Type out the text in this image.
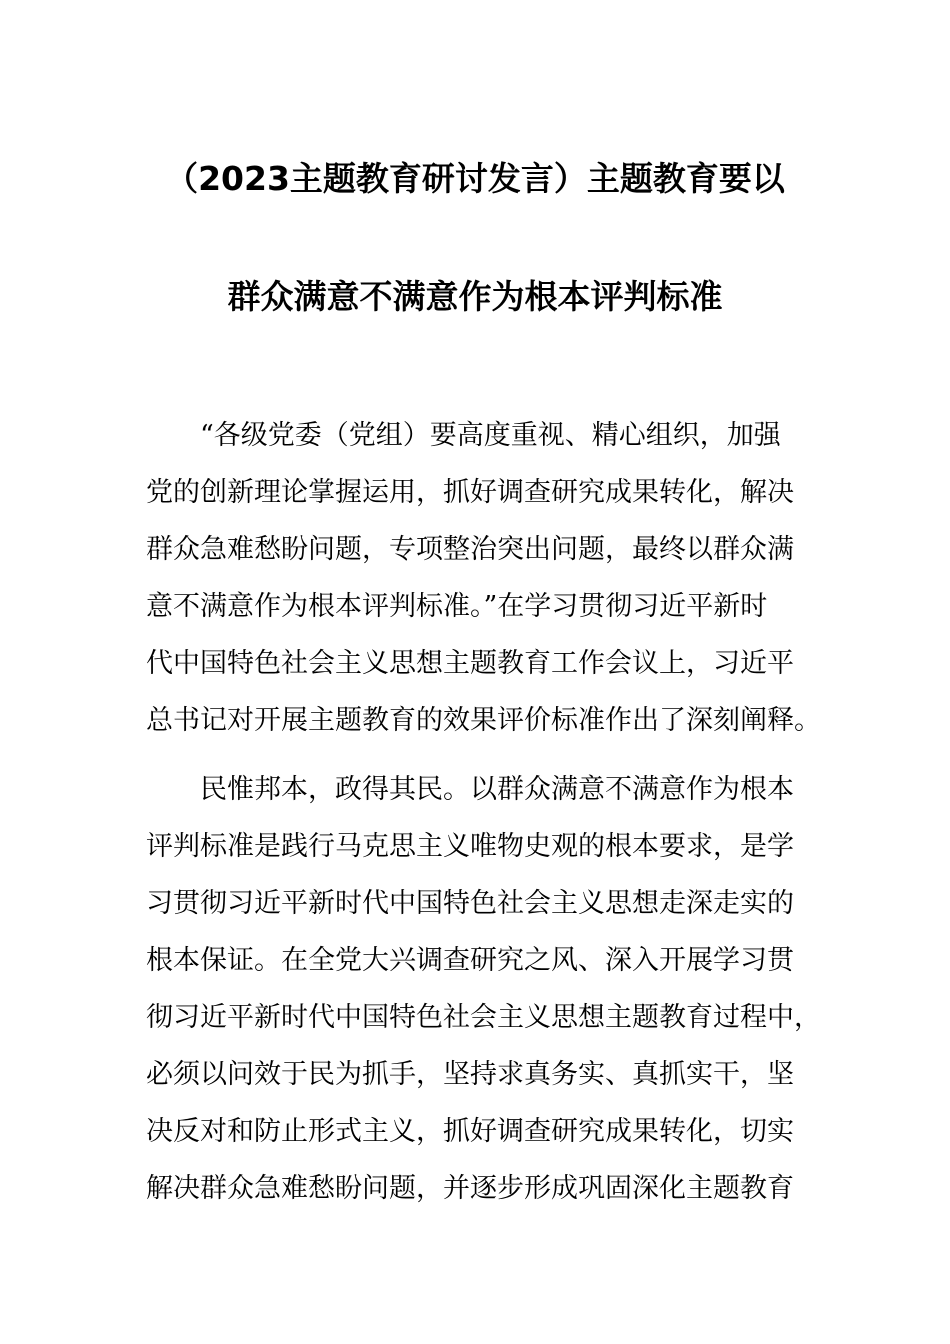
（2023主题教育研讨发言）主题教育要以
群众满意不满意作为根本评判标准
　　“各级党委（党组）要高度重视、精心组织，加强
党的创新理论掌握运用，抓好调查研究成果转化，解决
群众急难愁盼问题，专项整治突出问题，最终以群众满
意不满意作为根本评判标准。”在学习贯彻习近平新时
代中国特色社会主义思想主题教育工作会议上，习近平
总书记对开展主题教育的效果评价标准作出了深刻阐释。
　　民惟邦本，政得其民。以群众满意不满意作为根本
评判标准是践行马克思主义唯物史观的根本要求，是学
习贯彻习近平新时代中国特色社会主义思想走深走实的
根本保证。在全党大兴调查研究之风、深入开展学习贯
彻习近平新时代中国特色社会主义思想主题教育过程中，
必须以问效于民为抓手，坚持求真务实、真抓实干，坚
决反对和防止形式主义，抓好调查研究成果转化，切实
解决群众急难愁盼问题，并逐步形成巩固深化主题教育
